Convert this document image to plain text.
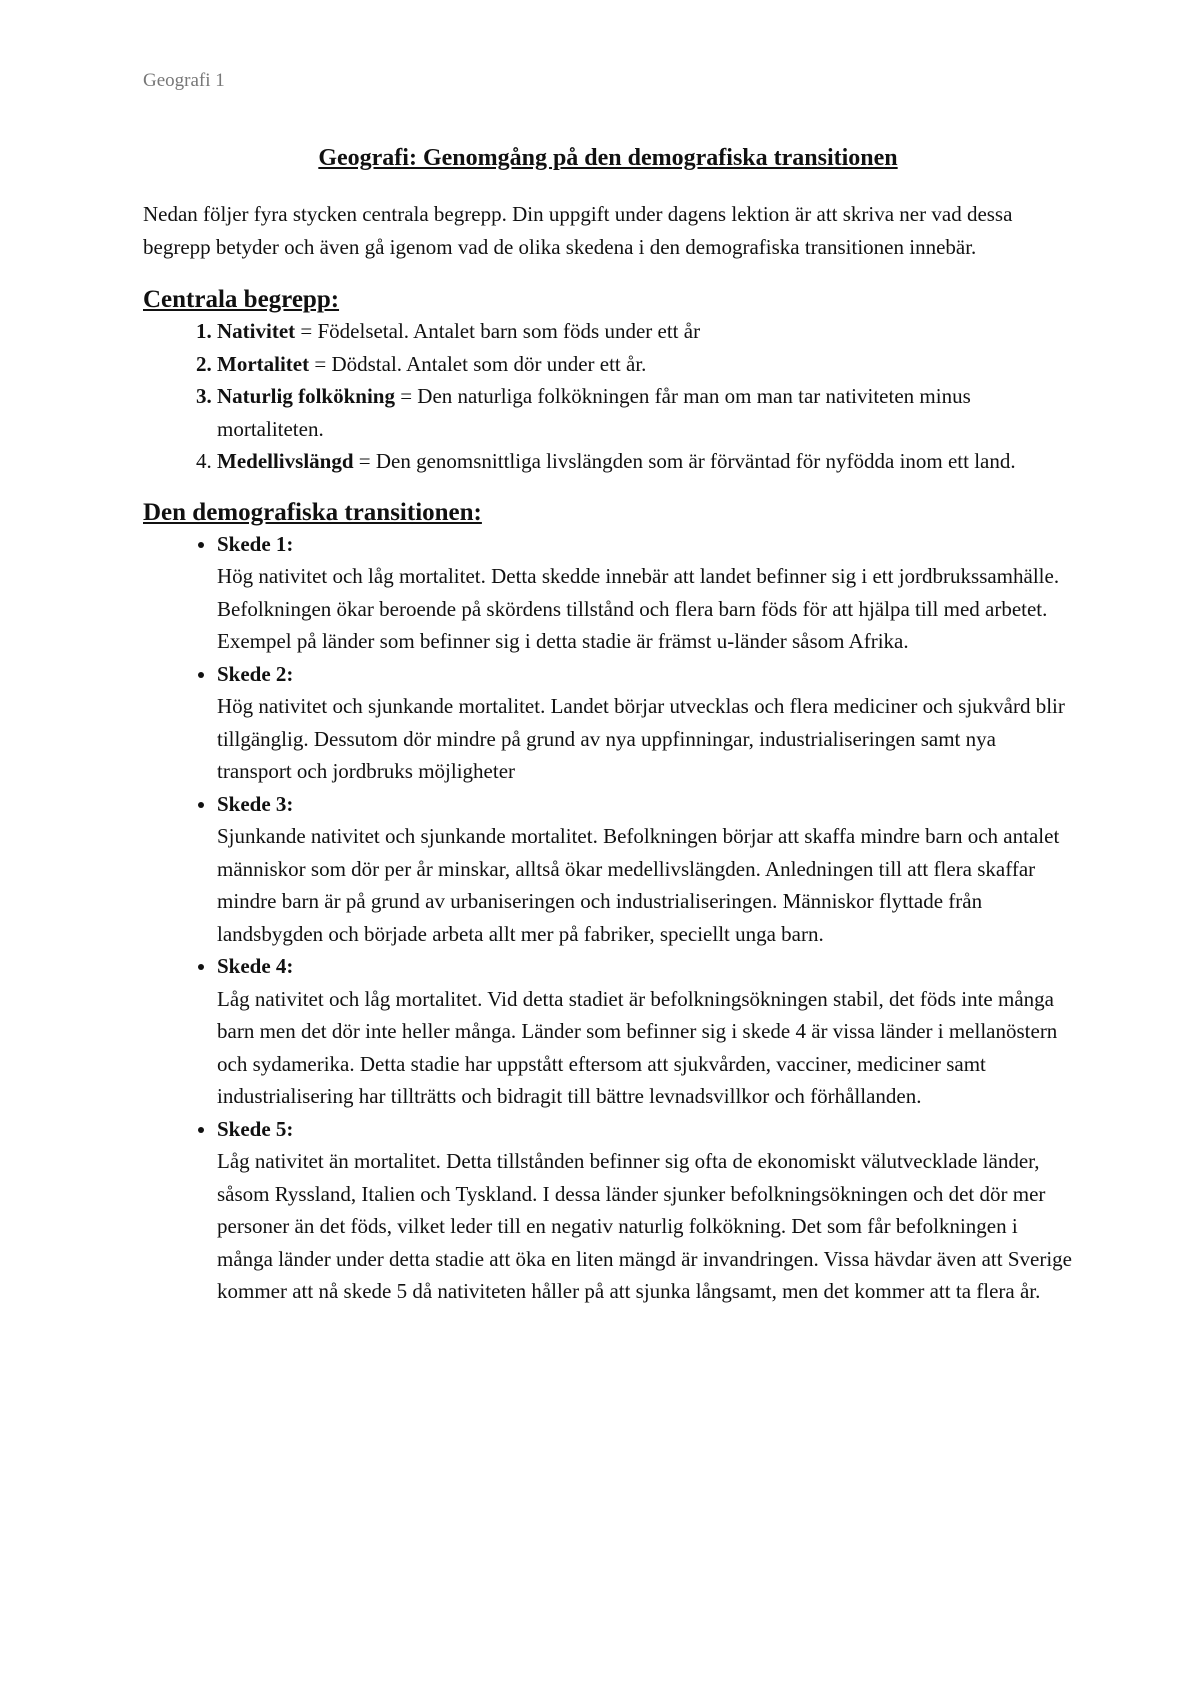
Geografi 1
Geografi: Genomgång på den demografiska transitionen

Nedan följer fyra stycken centrala begrepp. Din uppgift under dagens lektion är att skriva ner vad dessa begrepp betyder och även gå igenom vad de olika skedena i den demografiska transitionen innebär.

Centrala begrepp:
1. Nativitet = Födelsetal. Antalet barn som föds under ett år
2. Mortalitet = Dödstal. Antalet som dör under ett år.
3. Naturlig folkökning = Den naturliga folkökningen får man om man tar nativiteten minus mortaliteten.
4. Medellivslängd = Den genomsnittliga livslängden som är förväntad för nyfödda inom ett land.
Den demografiska transitionen:
• Skede 1:
Hög nativitet och låg mortalitet. Detta skedde innebär att landet befinner sig i ett jordbrukssamhälle. Befolkningen ökar beroende på skördens tillstånd och flera barn föds för att hjälpa till med arbetet. Exempel på länder som befinner sig i detta stadie är främst u-länder såsom Afrika.
• Skede 2:
Hög nativitet och sjunkande mortalitet. Landet börjar utvecklas och flera mediciner och sjukvård blir tillgänglig. Dessutom dör mindre på grund av nya uppfinningar, industrialiseringen samt nya transport och jordbruks möjligheter
• Skede 3:
Sjunkande nativitet och sjunkande mortalitet. Befolkningen börjar att skaffa mindre barn och antalet människor som dör per år minskar, alltså ökar medellivslängden. Anledningen till att flera skaffar mindre barn är på grund av urbaniseringen och industrialiseringen. Människor flyttade från landsbygden och började arbeta allt mer på fabriker, speciellt unga barn.
• Skede 4:
Låg nativitet och låg mortalitet. Vid detta stadiet är befolkningsökningen stabil, det föds inte många barn men det dör inte heller många. Länder som befinner sig i skede 4 är vissa länder i mellanöstern och sydamerika. Detta stadie har uppstått eftersom att sjukvården, vacciner, mediciner samt industrialisering har tillträtts och bidragit till bättre levnadsvillkor och förhållanden.
• Skede 5:
Låg nativitet än mortalitet. Detta tillstånden befinner sig ofta de ekonomiskt välutvecklade länder, såsom Ryssland, Italien och Tyskland. I dessa länder sjunker befolkningsökningen och det dör mer personer än det föds, vilket leder till en negativ naturlig folkökning. Det som får befolkningen i många länder under detta stadie att öka en liten mängd är invandringen. Vissa hävdar även att Sverige kommer att nå skede 5 då nativiteten håller på att sjunka långsamt, men det kommer att ta flera år.
